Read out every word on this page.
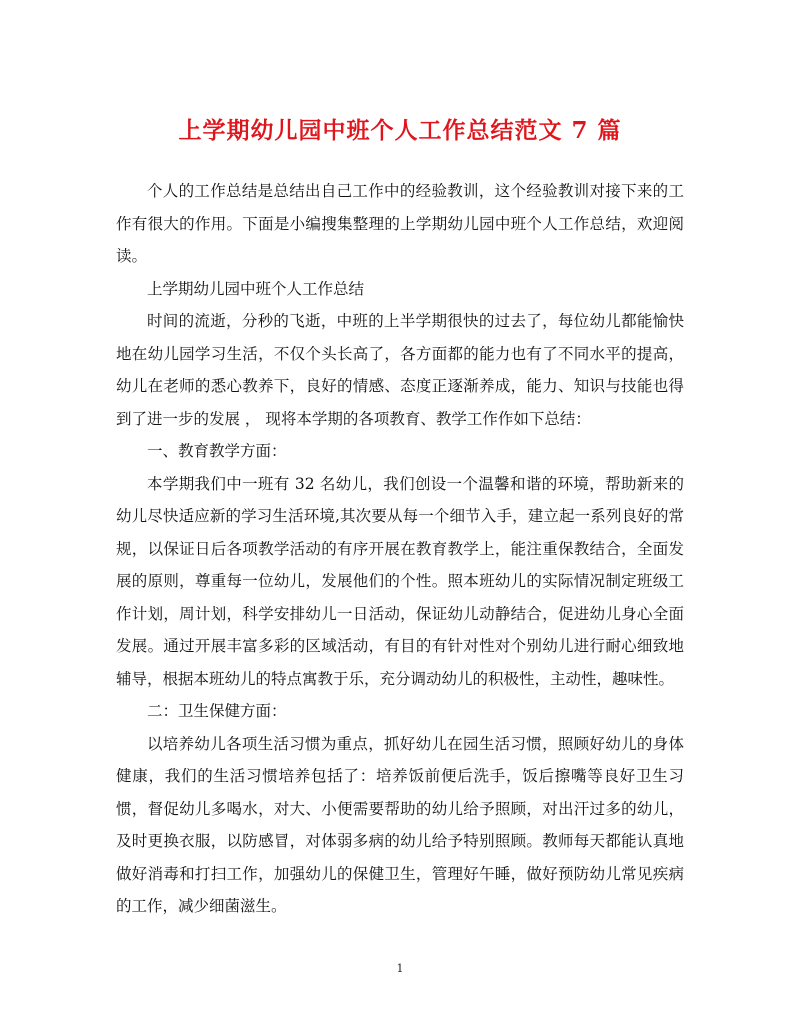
上学期幼儿园中班个人工作总结范文 7 篇

个人的工作总结是总结出自己工作中的经验教训，这个经验教训对接下来的工作有很大的作用。下面是小编搜集整理的上学期幼儿园中班个人工作总结，欢迎阅读。

上学期幼儿园中班个人工作总结

时间的流逝，分秒的飞逝，中班的上半学期很快的过去了，每位幼儿都能愉快地在幼儿园学习生活，不仅个头长高了，各方面都的能力也有了不同水平的提高，幼儿在老师的悉心教养下，良好的情感、态度正逐渐养成，能力、知识与技能也得到了进一步的发展 ， 现将本学期的各项教育、教学工作作如下总结：

一、教育教学方面：

本学期我们中一班有 32 名幼儿，我们创设一个温馨和谐的环境，帮助新来的幼儿尽快适应新的学习生活环境,其次要从每一个细节入手，建立起一系列良好的常规，以保证日后各项教学活动的有序开展在教育教学上，能注重保教结合，全面发展的原则，尊重每一位幼儿，发展他们的个性。照本班幼儿的实际情况制定班级工作计划，周计划，科学安排幼儿一日活动，保证幼儿动静结合，促进幼儿身心全面发展。通过开展丰富多彩的区域活动，有目的有针对性对个别幼儿进行耐心细致地辅导，根据本班幼儿的特点寓教于乐，充分调动幼儿的积极性，主动性，趣味性。

二：卫生保健方面：

以培养幼儿各项生活习惯为重点，抓好幼儿在园生活习惯，照顾好幼儿的身体健康，我们的生活习惯培养包括了：培养饭前便后洗手，饭后擦嘴等良好卫生习惯，督促幼儿多喝水，对大、小便需要帮助的幼儿给予照顾，对出汗过多的幼儿，及时更换衣服，以防感冒，对体弱多病的幼儿给予特别照顾。教师每天都能认真地做好消毒和打扫工作，加强幼儿的保健卫生，管理好午睡，做好预防幼儿常见疾病的工作，减少细菌滋生。

1
